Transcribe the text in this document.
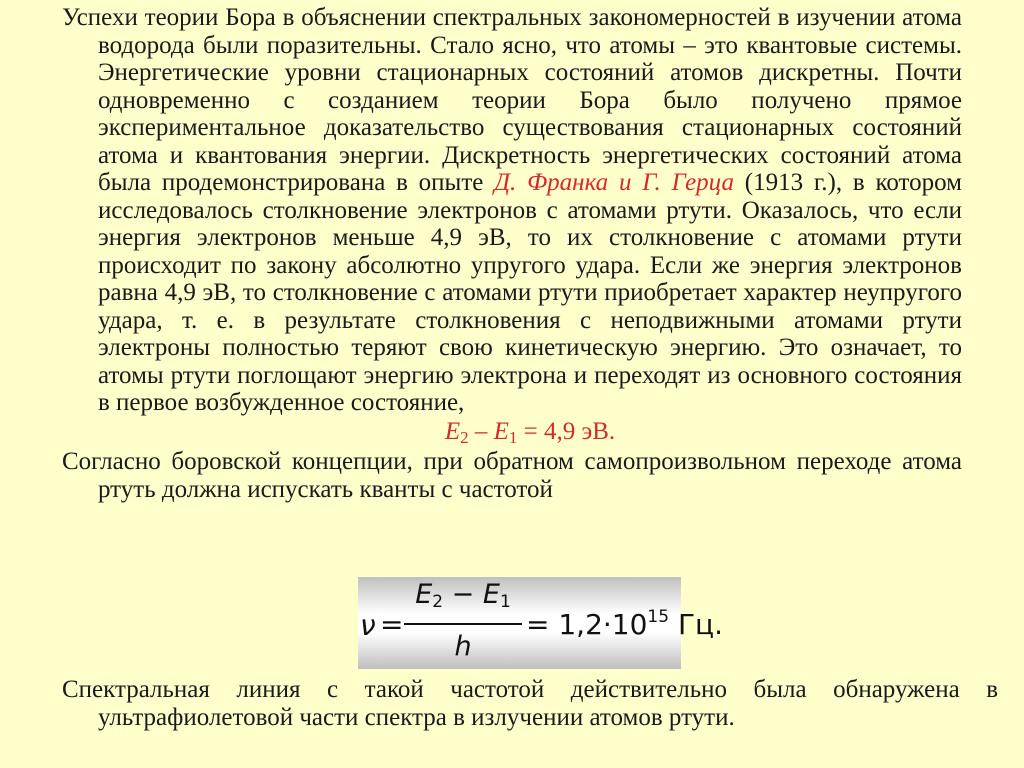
Успехи теории Бора в объяснении спектральных закономерностей в изучении атома водорода были поразительны. Стало ясно, что атомы – это квантовые системы. Энергетические уровни стационарных состояний атомов дискретны. Почти одновременно с созданием теории Бора было получено прямое экспериментальное доказательство существования стационарных состояний атома и квантования энергии. Дискретность энергетических состояний атома была продемонстрирована в опыте Д. Франка и Г. Герца (1913 г.), в котором исследовалось столкновение электронов с атомами ртути. Оказалось, что если энергия электронов меньше 4,9 эВ, то их столкновение с атомами ртути происходит по закону абсолютно упругого удара. Если же энергия электронов равна 4,9 эВ, то столкновение с атомами ртути приобретает характер неупругого удара, т. е. в результате столкновения с неподвижными атомами ртути электроны полностью теряют свою кинетическую энергию. Это означает, то атомы ртути поглощают энергию электрона и переходят из основного состояния в первое возбужденное состояние,

$E_2 - E_1 = 4,9$ эВ.

Согласно боровской концепции, при обратном самопроизвольном переходе атома ртуть должна испускать кванты с частотой

ν =
$E_2 - E_1$
h
= $1,2\cdot 10^{15}$ Гц.

Спектральная линия с такой частотой действительно была обнаружена в ультрафиолетовой части спектра в излучении атомов ртути.
